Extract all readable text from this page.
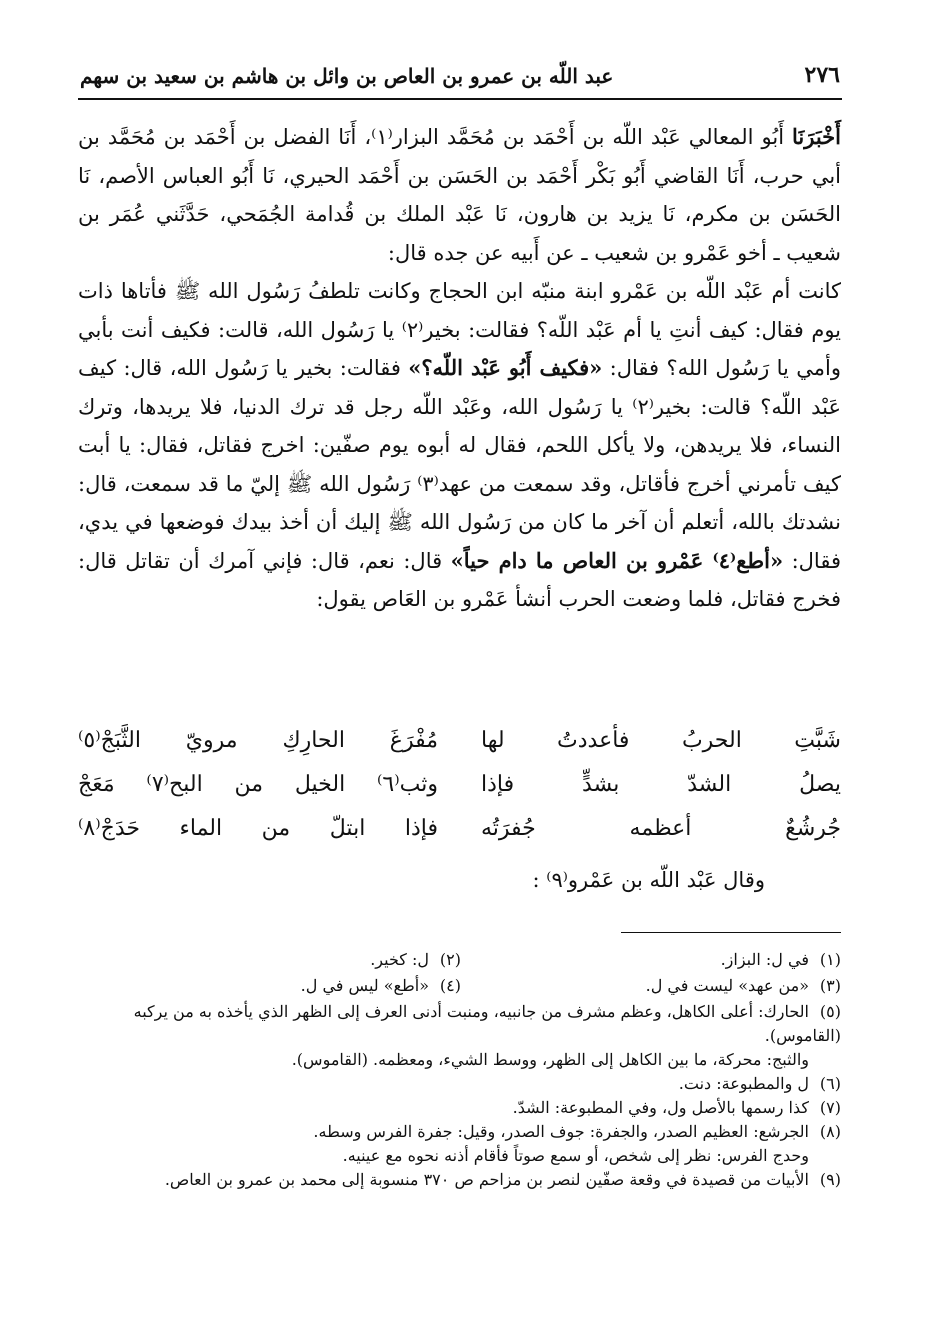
٢٧٦
عبد اللّه بن عمرو بن العاص بن وائل بن هاشم بن سعيد بن سهم

أَخْبَرَنَا أَبُو المعالي عَبْد اللّه بن أَحْمَد بن مُحَمَّد البزار⁽١⁾، أَنَا الفضل بن أَحْمَد بن مُحَمَّد بن أبي حرب، أَنَا القاضي أَبُو بَكْر أَحْمَد بن الحَسَن بن أَحْمَد الحيري، نَا أَبُو العباس الأصم، نَا الحَسَن بن مكرم، نَا يزيد بن هارون، نَا عَبْد الملك بن قُدامة الجُمَحي، حَدَّثَني عُمَر بن شعيب ـ أخو عَمْرو بن شعيب ـ عن أَبيه عن جده قال:

كانت أم عَبْد اللّه بن عَمْرو ابنة منبّه ابن الحجاج وكانت تلطفُ رَسُول الله ﷺ فأتاها ذات يوم فقال: كيف أنتِ يا أم عَبْد اللّه؟ فقالت: بخير⁽٢⁾ يا رَسُول الله، قالت: فكيف أنت بأبي وأمي يا رَسُول الله؟ فقال: «فكيف أَبُو عَبْد اللّه؟» فقالت: بخير يا رَسُول الله، قال: كيف عَبْد اللّه؟ قالت: بخير⁽٢⁾ يا رَسُول الله، وعَبْد اللّه رجل قد ترك الدنيا، فلا يريدها، وترك النساء، فلا يريدهن، ولا يأكل اللحم، فقال له أبوه يوم صفّين: اخرج فقاتل، فقال: يا أبت كيف تأمرني أخرج فأقاتل، وقد سمعت من عهد⁽٣⁾ رَسُول الله ﷺ إليّ ما قد سمعت، قال: نشدتك بالله، أتعلم أن آخر ما كان من رَسُول الله ﷺ إليك أن أخذ بيدك فوضعها في يدي، فقال: «أطع⁽٤⁾ عَمْرو بن العاص ما دام حياً» قال: نعم، قال: فإني آمرك أن تقاتل قال: فخرج فقاتل، فلما وضعت الحرب أنشأ عَمْرو بن العَاص يقول:

شَبَّتِ الحربُ فأعددتُ لها
مُفْرَغَ الحارِكِ مرويّ الثَّبَجْ⁽٥⁾
يصلُ الشدّ بشدٍّ فإذا
وثب⁽٦⁾ الخيل من البح⁽٧⁾ مَعَجْ
جُرشُعٌ أعظمه جُفرَتُه
فإذا ابتلّ من الماء حَدَجْ⁽٨⁾
وقال عَبْد اللّه بن عَمْرو⁽٩⁾ :
(١)في ل: البزاز.
(٢)ل: كخير.
(٣)«من عهد» ليست في ل.
(٤)«أطع» ليس في ل.
(٥)الحارك: أعلى الكاهل، وعظم مشرف من جانبيه، ومنبت أدنى العرف إلى الظهر الذي يأخذه به من يركبه (القاموس).
والثبج: محركة، ما بين الكاهل إلى الظهر، ووسط الشيء، ومعظمه. (القاموس).
(٦)ل والمطبوعة: دنت.
(٧)كذا رسمها بالأصل ول، وفي المطبوعة: الشدّ.
(٨)الجرشع: العظيم الصدر، والجفرة: جوف الصدر، وقيل: جفرة الفرس وسطه.
وحدج الفرس: نظر إلى شخص، أو سمع صوتاً فأقام أذنه نحوه مع عينيه.
(٩)الأبيات من قصيدة في وقعة صفّين لنصر بن مزاحم ص ٣٧٠ منسوبة إلى محمد بن عمرو بن العاص.
